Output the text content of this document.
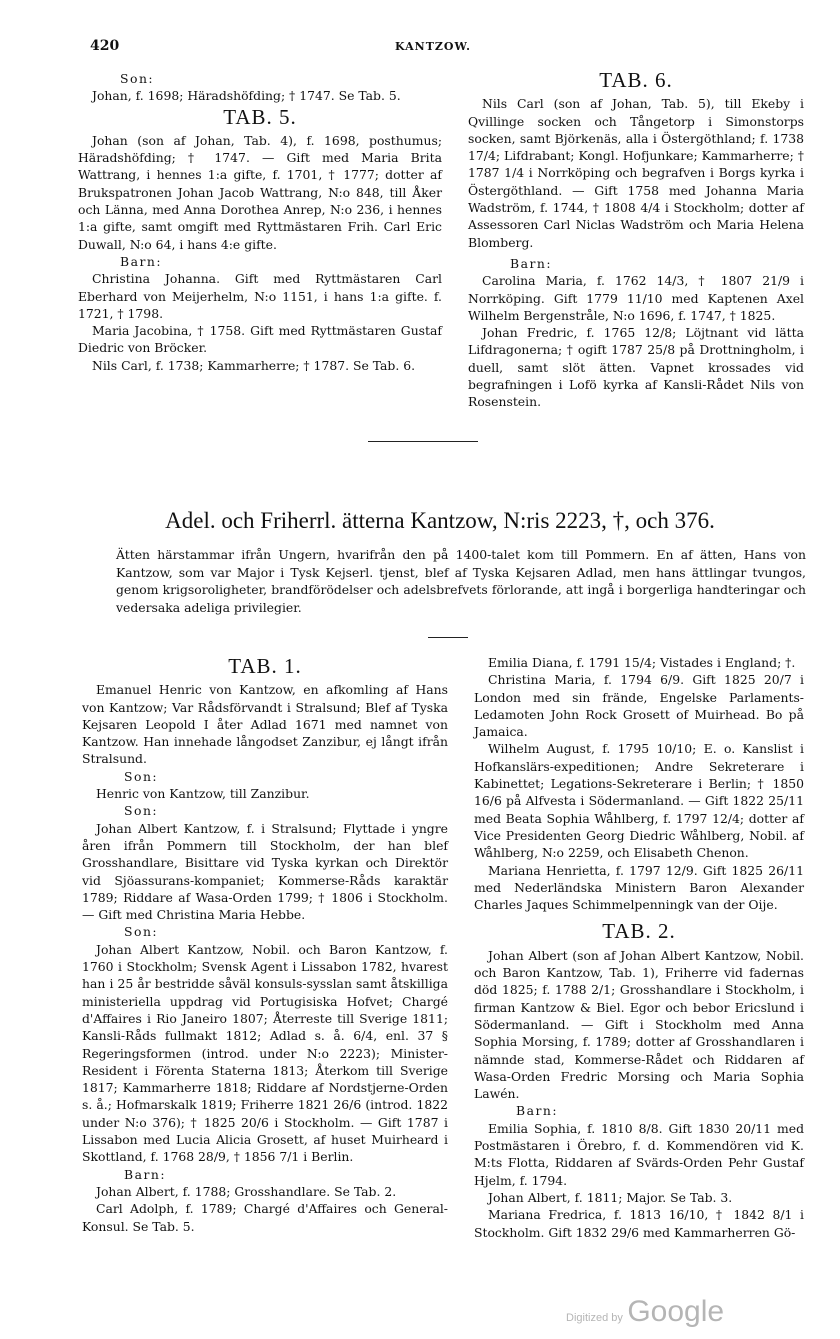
420	KANTZOW.

Son:

Johan, f. 1698; Häradshöfding; † 1747. Se Tab. 5.

TAB. 5.

Johan (son af Johan, Tab. 4), f. 1698, posthumus; Häradshöfding; † 1747. — Gift med Maria Brita Wattrang, i hennes 1:a gifte, f. 1701, † 1777; dotter af Brukspatronen Johan Jacob Wattrang, N:o 848, till Åker och Länna, med Anna Dorothea Anrep, N:o 236, i hennes 1:a gifte, samt omgift med Ryttmästaren Frih. Carl Eric Duwall, N:o 64, i hans 4:e gifte.

Barn:

Christina Johanna. Gift med Ryttmästaren Carl Eberhard von Meijerhelm, N:o 1151, i hans 1:a gifte. f. 1721, † 1798.

Maria Jacobina, † 1758. Gift med Ryttmästaren Gustaf Diedric von Bröcker.

Nils Carl, f. 1738; Kammarherre; † 1787. Se Tab. 6.

TAB. 6.

Nils Carl (son af Johan, Tab. 5), till Ekeby i Qvillinge socken och Tångetorp i Simonstorps socken, samt Björkenäs, alla i Östergöthland; f. 1738 17/4; Lifdrabant; Kongl. Hofjunkare; Kammarherre; † 1787 1/4 i Norrköping och begrafven i Borgs kyrka i Östergöthland. — Gift 1758 med Johanna Maria Wadström, f. 1744, † 1808 4/4 i Stockholm; dotter af Assessoren Carl Niclas Wadström och Maria Helena Blomberg.

Barn:

Carolina Maria, f. 1762 14/3, † 1807 21/9 i Norrköping. Gift 1779 11/10 med Kaptenen Axel Wilhelm Bergenstråle, N:o 1696, f. 1747, † 1825.

Johan Fredric, f. 1765 12/8; Löjtnant vid lätta Lifdragonerna; † ogift 1787 25/8 på Drottningholm, i duell, samt slöt ätten. Vapnet krossades vid begrafningen i Lofö kyrka af Kansli-Rådet Nils von Rosenstein.

Adel. och Friherrl. ätterna Kantzow, N:ris 2223, †, och 376.
Ätten härstammar ifrån Ungern, hvarifrån den på 1400-talet kom till Pommern. En af ätten, Hans von Kantzow, som var Major i Tysk Kejserl. tjenst, blef af Tyska Kejsaren Adlad, men hans ättlingar tvungos, genom krigsoroligheter, brandförödelser och adelsbrefvets förlorande, att ingå i borgerliga handteringar och vedersaka adeliga privilegier.
TAB. 1.

Emanuel Henric von Kantzow, en afkomling af Hans von Kantzow; Var Rådsförvandt i Stralsund; Blef af Tyska Kejsaren Leopold I åter Adlad 1671 med namnet von Kantzow. Han innehade långodset Zanzibur, ej långt ifrån Stralsund.

Son:

Henric von Kantzow, till Zanzibur.

Son:

Johan Albert Kantzow, f. i Stralsund; Flyttade i yngre åren ifrån Pommern till Stockholm, der han blef Grosshandlare, Bisittare vid Tyska kyrkan och Direktör vid Sjöassurans-kompaniet; Kommerse-Råds karaktär 1789; Riddare af Wasa-Orden 1799; † 1806 i Stockholm. — Gift med Christina Maria Hebbe.

Son:

Johan Albert Kantzow, Nobil. och Baron Kantzow, f. 1760 i Stockholm; Svensk Agent i Lissabon 1782, hvarest han i 25 år bestridde såväl konsuls-sysslan samt åtskilliga ministeriella uppdrag vid Portugisiska Hofvet; Chargé d'Affaires i Rio Janeiro 1807; Återreste till Sverige 1811; Kansli-Råds fullmakt 1812; Adlad s. å. 6/4, enl. 37 § Regeringsformen (introd. under N:o 2223); Minister-Resident i Förenta Staterna 1813; Återkom till Sverige 1817; Kammarherre 1818; Riddare af Nordstjerne-Orden s. å.; Hofmarskalk 1819; Friherre 1821 26/6 (introd. 1822 under N:o 376); † 1825 20/6 i Stockholm. — Gift 1787 i Lissabon med Lucia Alicia Grosett, af huset Muirheard i Skottland, f. 1768 28/9, † 1856 7/1 i Berlin.

Barn:

Johan Albert, f. 1788; Grosshandlare. Se Tab. 2.

Carl Adolph, f. 1789; Chargé d'Affaires och General-Konsul. Se Tab. 5.

Emilia Diana, f. 1791 15/4; Vistades i England; †.

Christina Maria, f. 1794 6/9. Gift 1825 20/7 i London med sin frände, Engelske Parlaments-Ledamoten John Rock Grosett of Muirhead. Bo på Jamaica.

Wilhelm August, f. 1795 10/10; E. o. Kanslist i Hofkanslärs-expeditionen; Andre Sekreterare i Kabinettet; Legations-Sekreterare i Berlin; † 1850 16/6 på Alfvesta i Södermanland. — Gift 1822 25/11 med Beata Sophia Wåhlberg, f. 1797 12/4; dotter af Vice Presidenten Georg Diedric Wåhlberg, Nobil. af Wåhlberg, N:o 2259, och Elisabeth Chenon.

Mariana Henrietta, f. 1797 12/9. Gift 1825 26/11 med Nederländska Ministern Baron Alexander Charles Jaques Schimmelpenningk van der Oije.

TAB. 2.

Johan Albert (son af Johan Albert Kantzow, Nobil. och Baron Kantzow, Tab. 1), Friherre vid fadernas död 1825; f. 1788 2/1; Grosshandlare i Stockholm, i firman Kantzow & Biel. Egor och bebor Ericslund i Södermanland. — Gift i Stockholm med Anna Sophia Morsing, f. 1789; dotter af Grosshandlaren i nämnde stad, Kommerse-Rådet och Riddaren af Wasa-Orden Fredric Morsing och Maria Sophia Lawén.

Barn:

Emilia Sophia, f. 1810 8/8. Gift 1830 20/11 med Postmästaren i Örebro, f. d. Kommendören vid K. M:ts Flotta, Riddaren af Svärds-Orden Pehr Gustaf Hjelm, f. 1794.

Johan Albert, f. 1811; Major. Se Tab. 3.

Mariana Fredrica, f. 1813 16/10, † 1842 8/1 i Stockholm. Gift 1832 29/6 med Kammarherren Gö-

Digitized by Google
